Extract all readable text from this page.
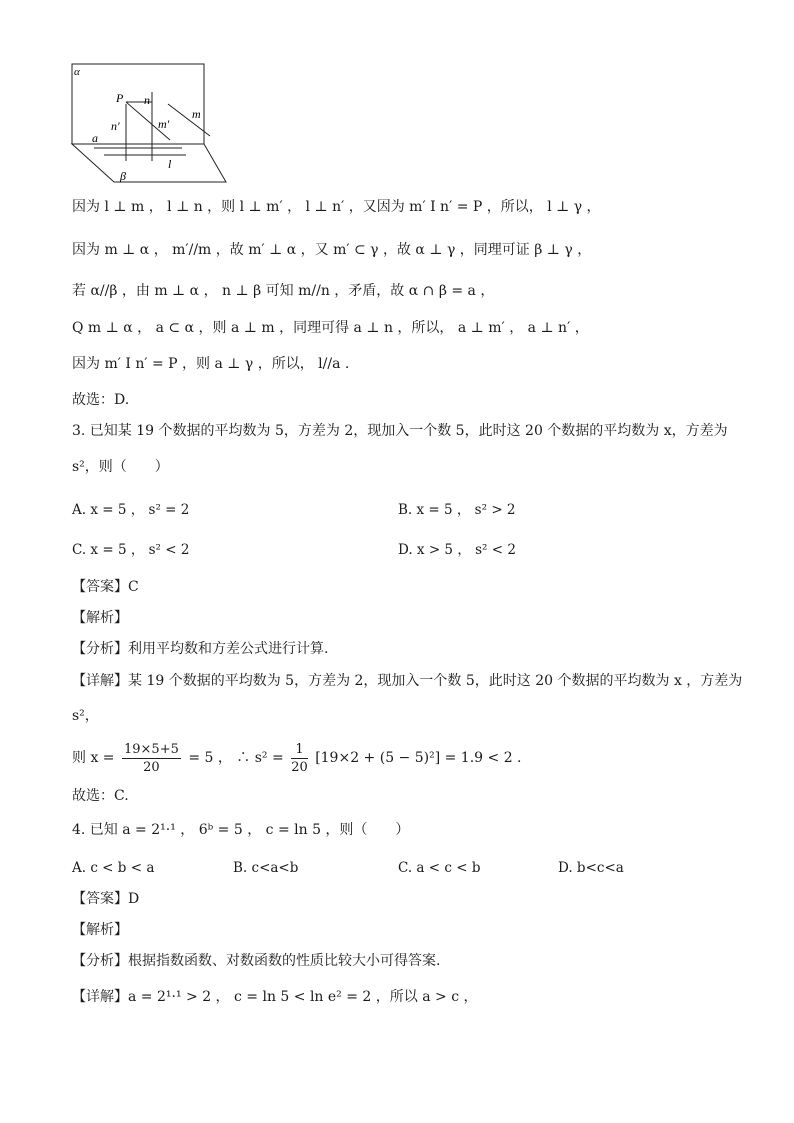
α
P n
m
n′	m′
a
l
β
因为 l ⊥ m ， l ⊥ n ，则 l ⊥ m′ ， l ⊥ n′ ，又因为 m′ I n′ = P ，所以， l ⊥ γ ，
因为 m ⊥ α ， m′//m ，故 m′ ⊥ α ，又 m′ ⊂ γ ，故 α ⊥ γ ，同理可证 β ⊥ γ ，
若 α//β ，由 m ⊥ α ， n ⊥ β 可知 m//n ，矛盾，故 α ∩ β = a ，
Q m ⊥ α ， a ⊂ α ，则 a ⊥ m ，同理可得 a ⊥ n ，所以， a ⊥ m′ ， a ⊥ n′ ，
因为 m′ I n′ = P ，则 a ⊥ γ ，所以， l//a .
故选：D.
3. 已知某 19 个数据的平均数为 5，方差为 2，现加入一个数 5，此时这 20 个数据的平均数为 x，方差为
s²，则（　　）
A. x = 5 ， s² = 2	B. x = 5 ， s² > 2
C. x = 5 ， s² < 2	D. x > 5 ， s² < 2
【答案】C
【解析】
【分析】利用平均数和方差公式进行计算.
【详解】某 19 个数据的平均数为 5，方差为 2，现加入一个数 5，此时这 20 个数据的平均数为 x ，方差为
s²，
则 $x = \frac{19\times 5+5}{20} = 5$ ， ∴ $s^2 = \frac{1}{20} [19\times 2 + (5 - 5)^2] = 1.9 < 2$ .
故选：C.
4. 已知 a = 2¹·¹ ， 6ᵇ = 5 ， c = ln 5 ，则（　　）
A. c < b < a	B. c<a<b	C. a < c < b	D. b<c<a
【答案】D
【解析】
【分析】根据指数函数、对数函数的性质比较大小可得答案.
【详解】a = 2¹·¹ > 2 ， c = ln 5 < ln e² = 2 ，所以 a > c ，
